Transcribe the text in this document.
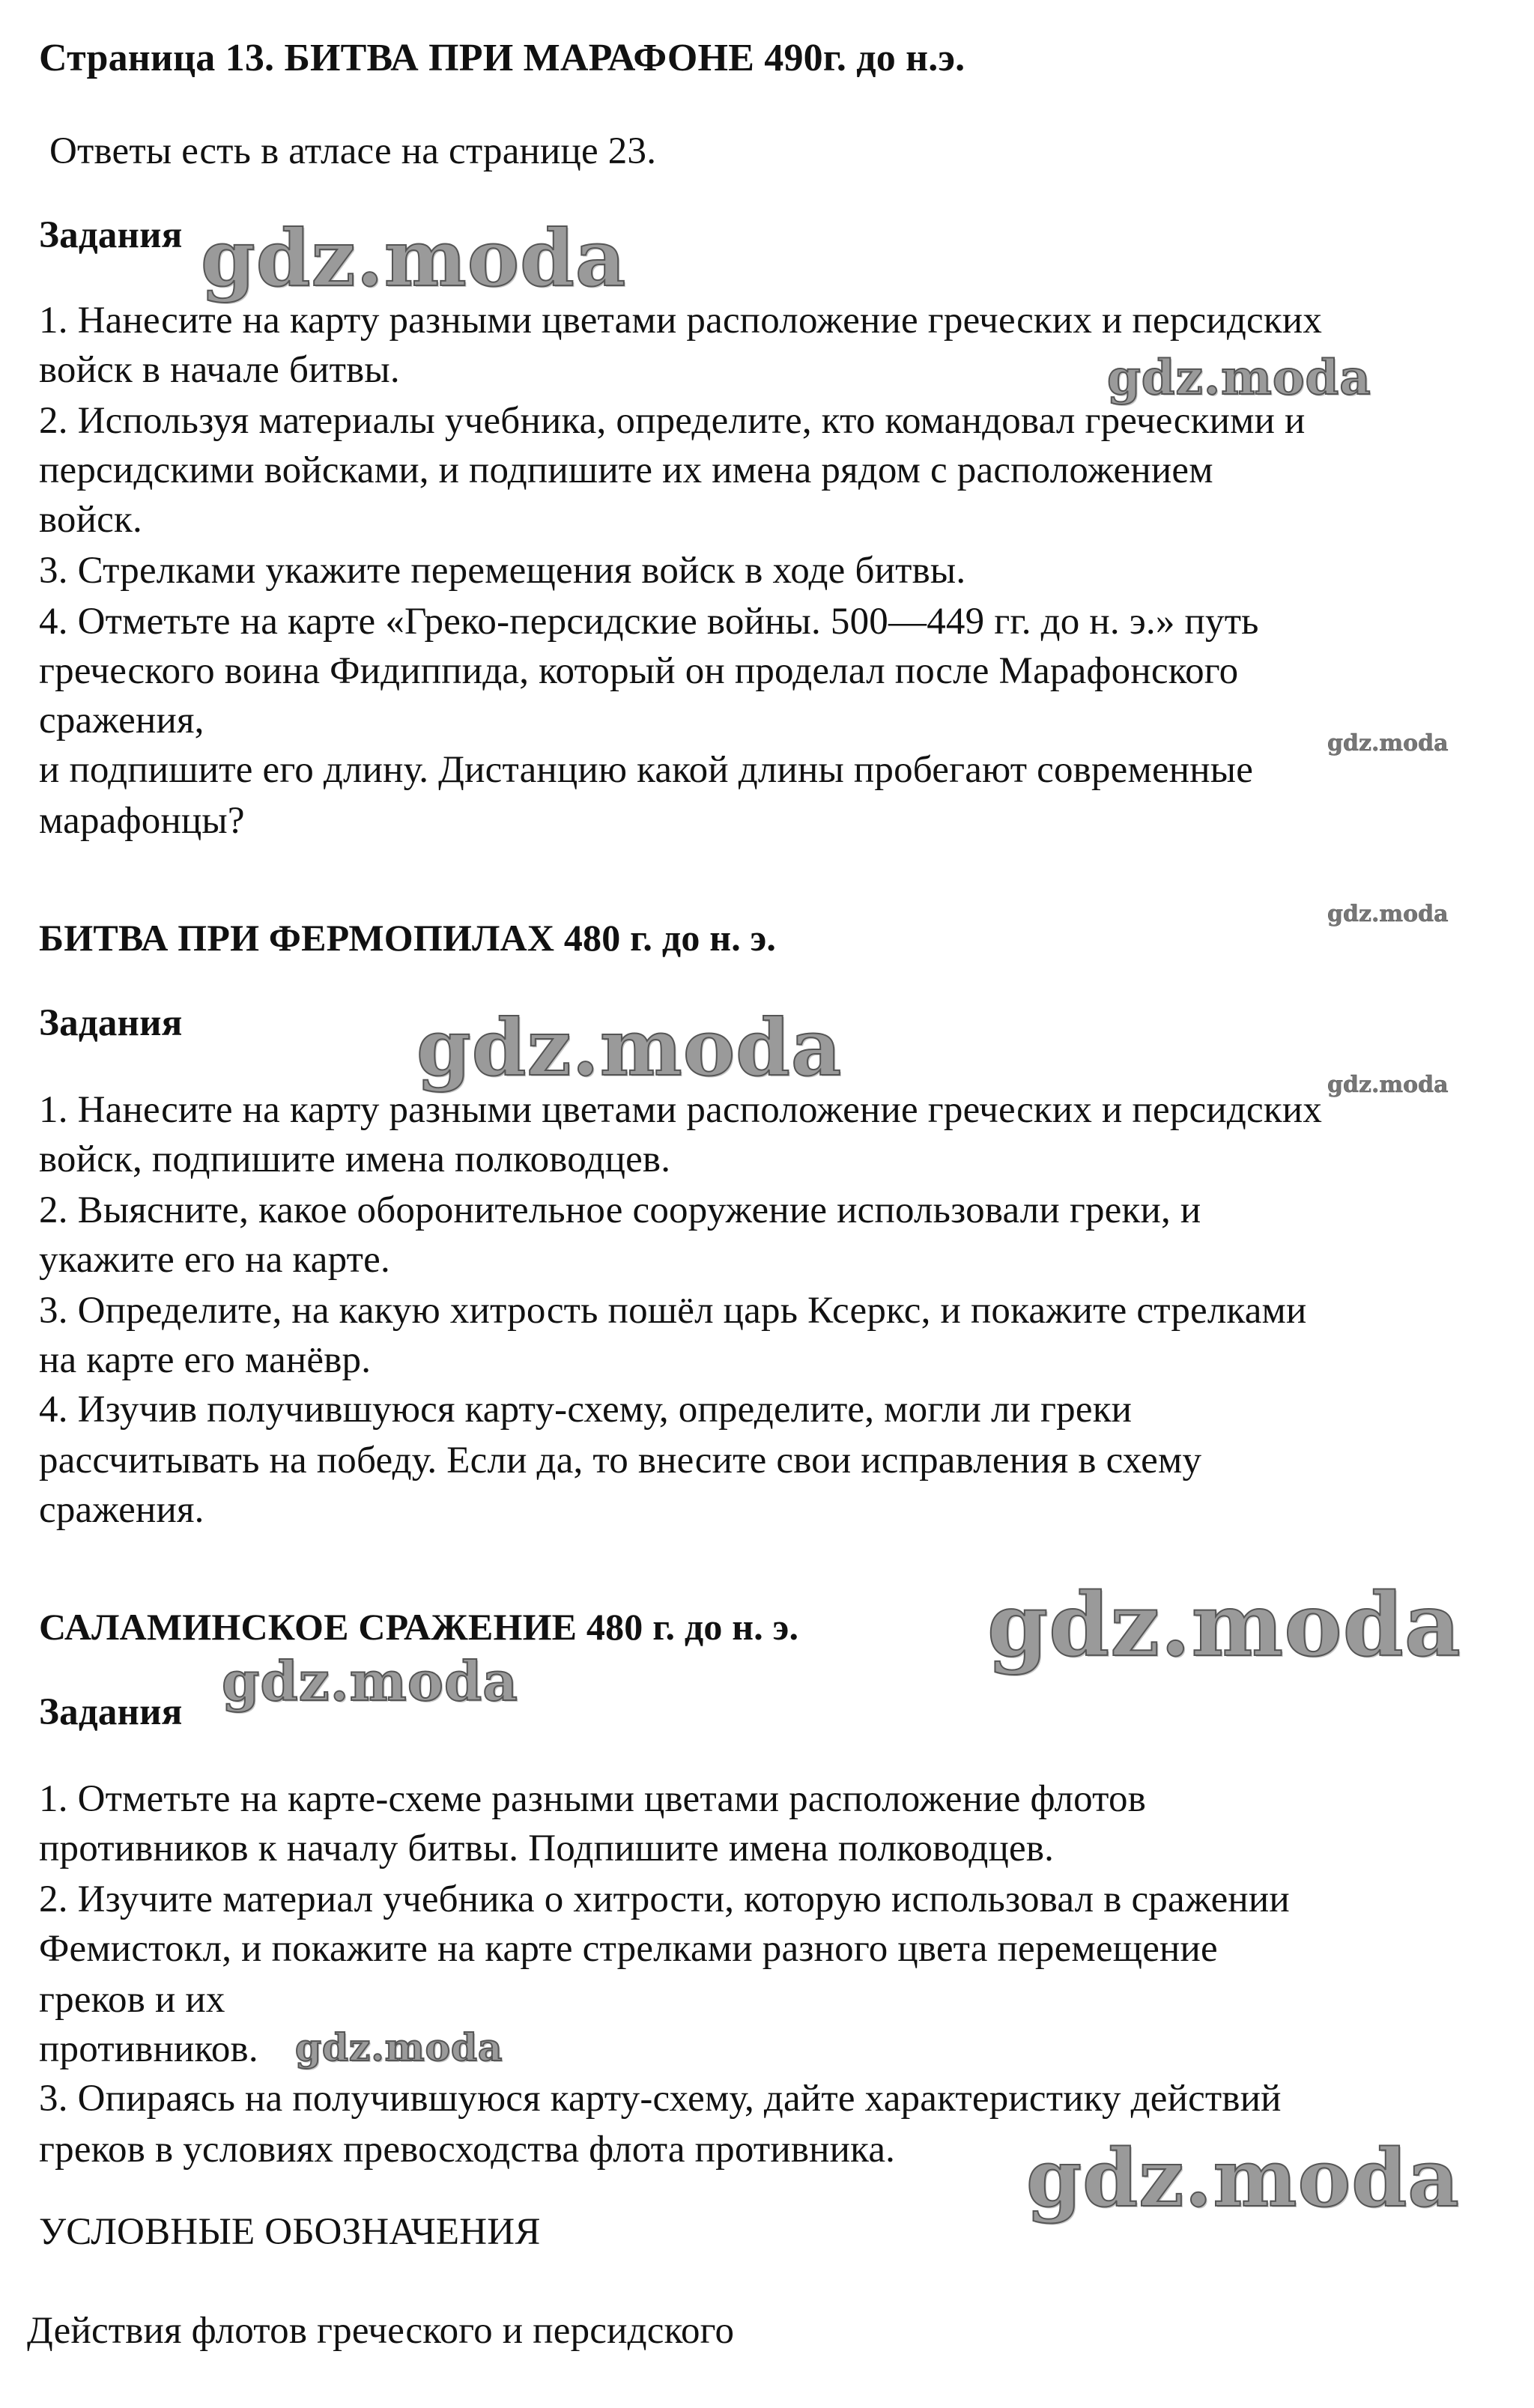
Страница 13. БИТВА ПРИ МАРАФОНЕ 490г. до н.э.
Ответы есть в атласе на странице 23.
Задания
1. Нанесите на карту разными цветами расположение греческих и персидских
войск в начале битвы.
2. Используя материалы учебника, определите, кто командовал греческими и
персидскими войсками, и подпишите их имена рядом с расположением
войск.
3. Стрелками укажите перемещения войск в ходе битвы.
4. Отметьте на карте «Греко-персидские войны. 500—449 гг. до н. э.» путь
греческого воина Фидиппида, который он проделал после Марафонского
сражения,
и подпишите его длину. Дистанцию какой длины пробегают современные
марафонцы?
БИТВА ПРИ ФЕРМОПИЛАХ 480 г. до н. э.
Задания
1. Нанесите на карту разными цветами расположение греческих и персидских
войск, подпишите имена полководцев.
2. Выясните, какое оборонительное сооружение использовали греки, и
укажите его на карте.
3. Определите, на какую хитрость пошёл царь Ксеркс, и покажите стрелками
на карте его манёвр.
4. Изучив получившуюся карту-схему, определите, могли ли греки
рассчитывать на победу. Если да, то внесите свои исправления в схему
сражения.
САЛАМИНСКОЕ СРАЖЕНИЕ 480 г. до н. э.
Задания
1. Отметьте на карте-схеме разными цветами расположение флотов
противников к началу битвы. Подпишите имена полководцев.
2. Изучите материал учебника о хитрости, которую использовал в сражении
Фемистокл, и покажите на карте стрелками разного цвета перемещение
греков и их
противников.
3. Опираясь на получившуюся карту-схему, дайте характеристику действий
греков в условиях превосходства флота противника.
УСЛОВНЫЕ ОБОЗНАЧЕНИЯ
Действия флотов греческого и персидского
gdz.moda
gdz.moda
gdz.moda
gdz.moda
gdz.moda	gdz.moda
gdz.moda
gdz.moda
gdz.moda
gdz.moda
